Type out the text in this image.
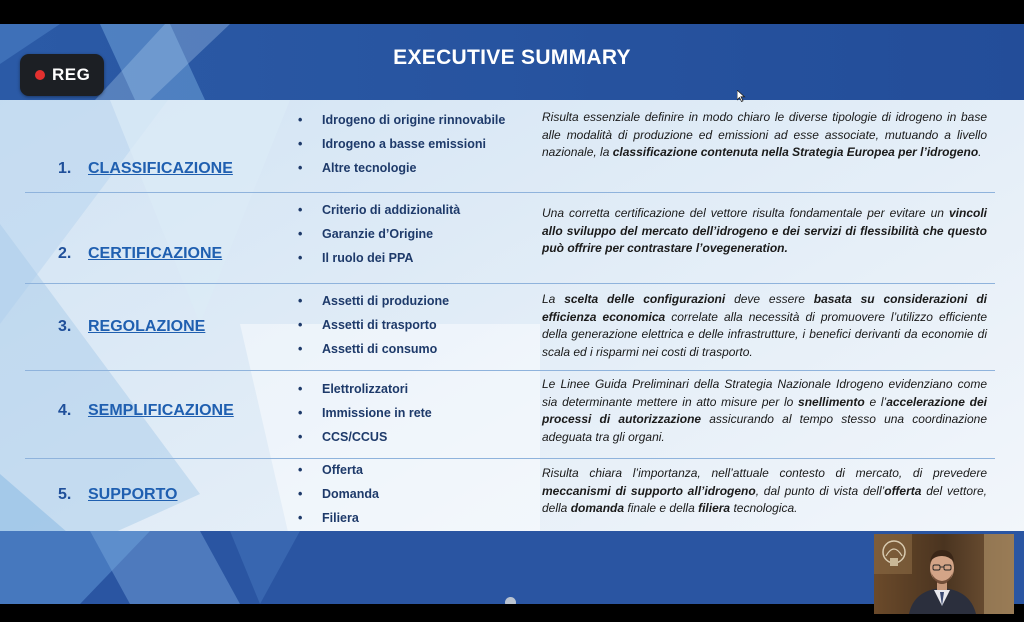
EXECUTIVE SUMMARY
1. CLASSIFICAZIONE
•	Idrogeno di origine rinnovabile
•	Idrogeno a basse emissioni
•	Altre tecnologie
Risulta essenziale definire in modo chiaro le diverse tipologie di idrogeno in base alle modalità di produzione ed emissioni ad esse associate, mutuando a livello nazionale, la classificazione contenuta nella Strategia Europea per l’idrogeno.
2. CERTIFICAZIONE
•	Criterio di addizionalità
•	Garanzie d’Origine
•	Il ruolo dei PPA
Una corretta certificazione del vettore risulta fondamentale per evitare un vincoli allo sviluppo del mercato dell’idrogeno e dei servizi di flessibilità che questo può offrire per contrastare l’ovegeneration.
3. REGOLAZIONE
•	Assetti di produzione
•	Assetti di trasporto
•	Assetti di consumo
La scelta delle configurazioni deve essere basata su considerazioni di efficienza economica correlate alla necessità di promuovere l’utilizzo efficiente della generazione elettrica e delle infrastrutture, i benefici derivanti da economie di scala ed i risparmi nei costi di trasporto.
4. SEMPLIFICAZIONE
•	Elettrolizzatori
•	Immissione in rete
•	CCS/CCUS
Le Linee Guida Preliminari della Strategia Nazionale Idrogeno evidenziano come sia determinante mettere in atto misure per lo snellimento e l’accelerazione dei processi di autorizzazione assicurando al tempo stesso una coordinazione adeguata tra gli organi.
5. SUPPORTO
•	Offerta
•	Domanda
•	Filiera
Risulta chiara l’importanza, nell’attuale contesto di mercato, di prevedere meccanismi di supporto all’idrogeno, dal punto di vista dell’offerta del vettore, della domanda finale e della filiera tecnologica.
REG
